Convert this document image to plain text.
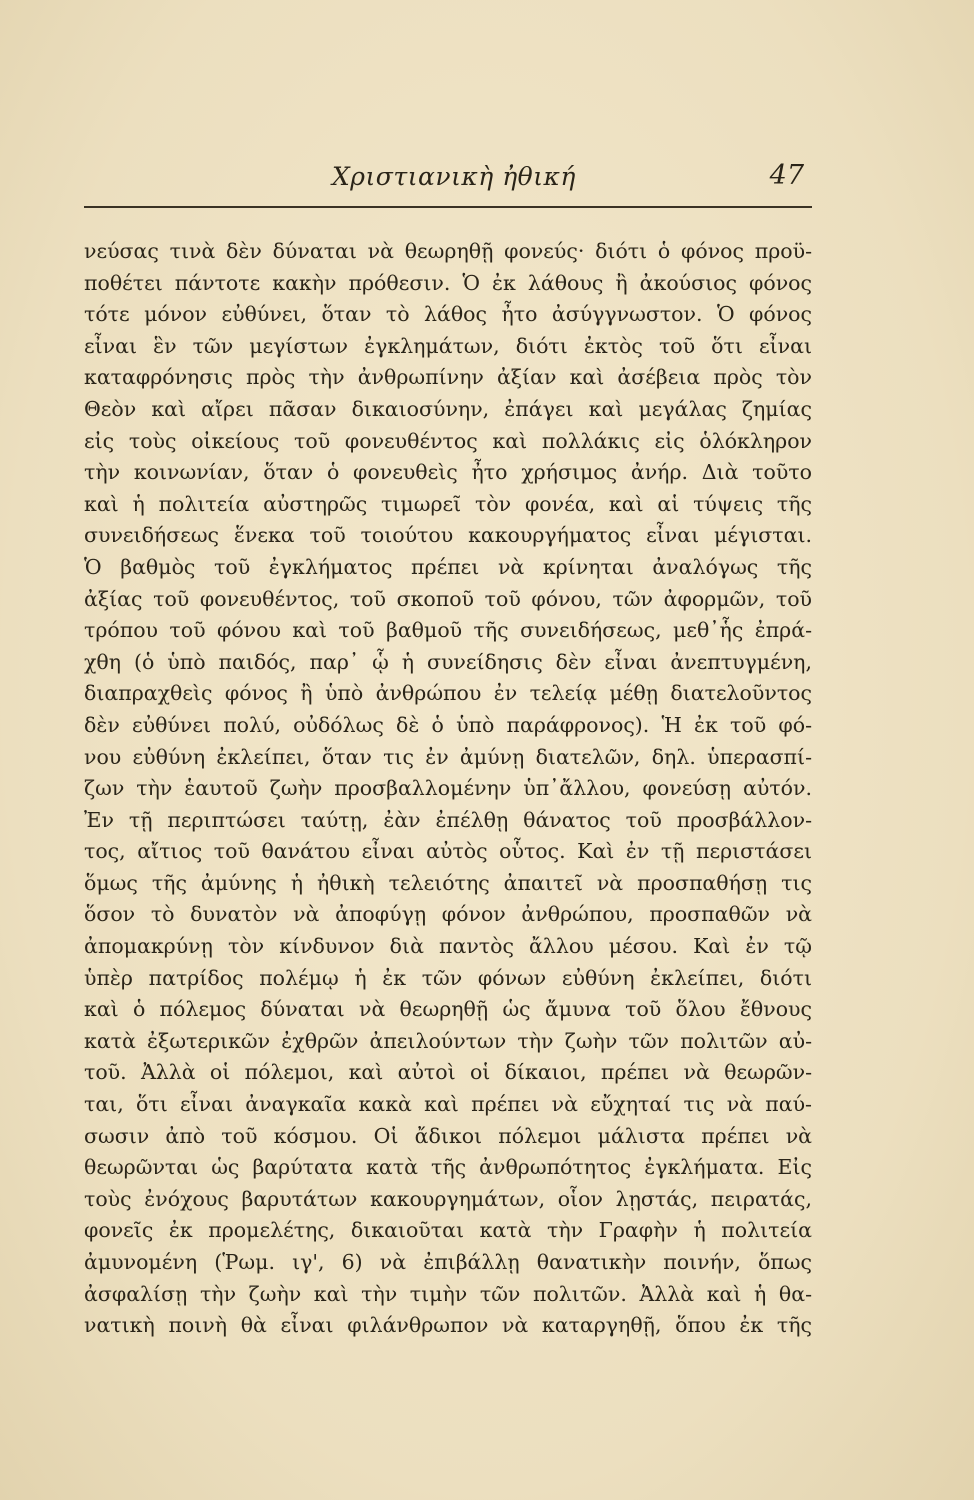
Χριστιανικὴ ἠθική	47
νεύσας τινὰ δὲν δύναται νὰ θεωρηθῇ φονεύς· διότι ὁ φόνος προϋ-
ποθέτει πάντοτε κακὴν πρόθεσιν. Ὁ ἐκ λάθους ἢ ἀκούσιος φόνος
τότε μόνον εὐθύνει, ὅταν τὸ λάθος ἦτο ἀσύγγνωστον. Ὁ φόνος
εἶναι ἓν τῶν μεγίστων ἐγκλημάτων, διότι ἐκτὸς τοῦ ὅτι εἶναι
καταφρόνησις πρὸς τὴν ἀνθρωπίνην ἀξίαν καὶ ἀσέβεια πρὸς τὸν
Θεὸν καὶ αἴρει πᾶσαν δικαιοσύνην, ἐπάγει καὶ μεγάλας ζημίας
εἰς τοὺς οἰκείους τοῦ φονευθέντος καὶ πολλάκις εἰς ὁλόκληρον
τὴν κοινωνίαν, ὅταν ὁ φονευθεὶς ἦτο χρήσιμος ἀνήρ. Διὰ τοῦτο
καὶ ἡ πολιτεία αὐστηρῶς τιμωρεῖ τὸν φονέα, καὶ αἱ τύψεις τῆς
συνειδήσεως ἕνεκα τοῦ τοιούτου κακουργήματος εἶναι μέγισται.
Ὁ βαθμὸς τοῦ ἐγκλήματος πρέπει νὰ κρίνηται ἀναλόγως τῆς
ἀξίας τοῦ φονευθέντος, τοῦ σκοποῦ τοῦ φόνου, τῶν ἀφορμῶν, τοῦ
τρόπου τοῦ φόνου καὶ τοῦ βαθμοῦ τῆς συνειδήσεως, μεθ᾽ἧς ἐπρά-
χθη (ὁ ὑπὸ παιδός, παρ᾽ ᾧ ἡ συνείδησις δὲν εἶναι ἀνεπτυγμένη,
διαπραχθεὶς φόνος ἢ ὑπὸ ἀνθρώπου ἐν τελείᾳ μέθῃ διατελοῦντος
δὲν εὐθύνει πολύ, οὐδόλως δὲ ὁ ὑπὸ παράφρονος). Ἡ ἐκ τοῦ φό-
νου εὐθύνη ἐκλείπει, ὅταν τις ἐν ἀμύνῃ διατελῶν, δηλ. ὑπερασπί-
ζων τὴν ἑαυτοῦ ζωὴν προσβαλλομένην ὑπ᾽ἄλλου, φονεύσῃ αὐτόν.
Ἐν τῇ περιπτώσει ταύτῃ, ἐὰν ἐπέλθῃ θάνατος τοῦ προσβάλλον-
τος, αἴτιος τοῦ θανάτου εἶναι αὐτὸς οὗτος. Καὶ ἐν τῇ περιστάσει
ὅμως τῆς ἀμύνης ἡ ἠθικὴ τελειότης ἀπαιτεῖ νὰ προσπαθήσῃ τις
ὅσον τὸ δυνατὸν νὰ ἀποφύγῃ φόνον ἀνθρώπου, προσπαθῶν νὰ
ἀπομακρύνῃ τὸν κίνδυνον διὰ παντὸς ἄλλου μέσου. Καὶ ἐν τῷ
ὑπὲρ πατρίδος πολέμῳ ἡ ἐκ τῶν φόνων εὐθύνη ἐκλείπει, διότι
καὶ ὁ πόλεμος δύναται νὰ θεωρηθῇ ὡς ἄμυνα τοῦ ὅλου ἔθνους
κατὰ ἐξωτερικῶν ἐχθρῶν ἀπειλούντων τὴν ζωὴν τῶν πολιτῶν αὐ-
τοῦ. Ἀλλὰ οἱ πόλεμοι, καὶ αὐτοὶ οἱ δίκαιοι, πρέπει νὰ θεωρῶν-
ται, ὅτι εἶναι ἀναγκαῖα κακὰ καὶ πρέπει νὰ εὔχηταί τις νὰ παύ-
σωσιν ἀπὸ τοῦ κόσμου. Οἱ ἄδικοι πόλεμοι μάλιστα πρέπει νὰ
θεωρῶνται ὡς βαρύτατα κατὰ τῆς ἀνθρωπότητος ἐγκλήματα. Εἰς
τοὺς ἐνόχους βαρυτάτων κακουργημάτων, οἷον λῃστάς, πειρατάς,
φονεῖς ἐκ προμελέτης, δικαιοῦται κατὰ τὴν Γραφὴν ἡ πολιτεία
ἀμυνομένη (Ῥωμ. ιγ', 6) νὰ ἐπιβάλλῃ θανατικὴν ποινήν, ὅπως
ἀσφαλίσῃ τὴν ζωὴν καὶ τὴν τιμὴν τῶν πολιτῶν. Ἀλλὰ καὶ ἡ θα-
νατικὴ ποινὴ θὰ εἶναι φιλάνθρωπον νὰ καταργηθῇ, ὅπου ἐκ τῆς
